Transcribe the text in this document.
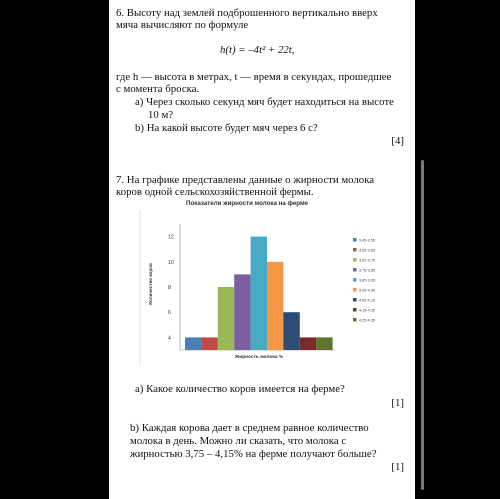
6. Высоту над землей подброшенного вертикально вверх
мяча вычисляют по формуле
h(t) = –4t² + 22t,
где h — высота в метрах, t — время в секундах, прошедшее
с момента броска.
a) Через сколько секунд мяч будет находиться на высоте
10 м?
b) На какой высоте будет мяч через 6 с?
[4]
7. На графике представлены данные о жирности молока
коров одной сельскохозяйственной фермы.
Показатели жирности молока на ферме
Количество коров
Жирность молока %
4
6
8
10
12	3,45-3,55
3,55-3,65
3,65-3,75
3,75-3,85
3,85-3,95
3,95-4,05
4,05-4,15
4,15-4,25
4,25-4,35
a) Какое количество коров имеется на ферме?
[1]
b) Каждая корова дает в среднем равное количество
молока в день. Можно ли сказать, что молока с
жирностью 3,75 – 4,15% на ферме получают больше?
[1]
